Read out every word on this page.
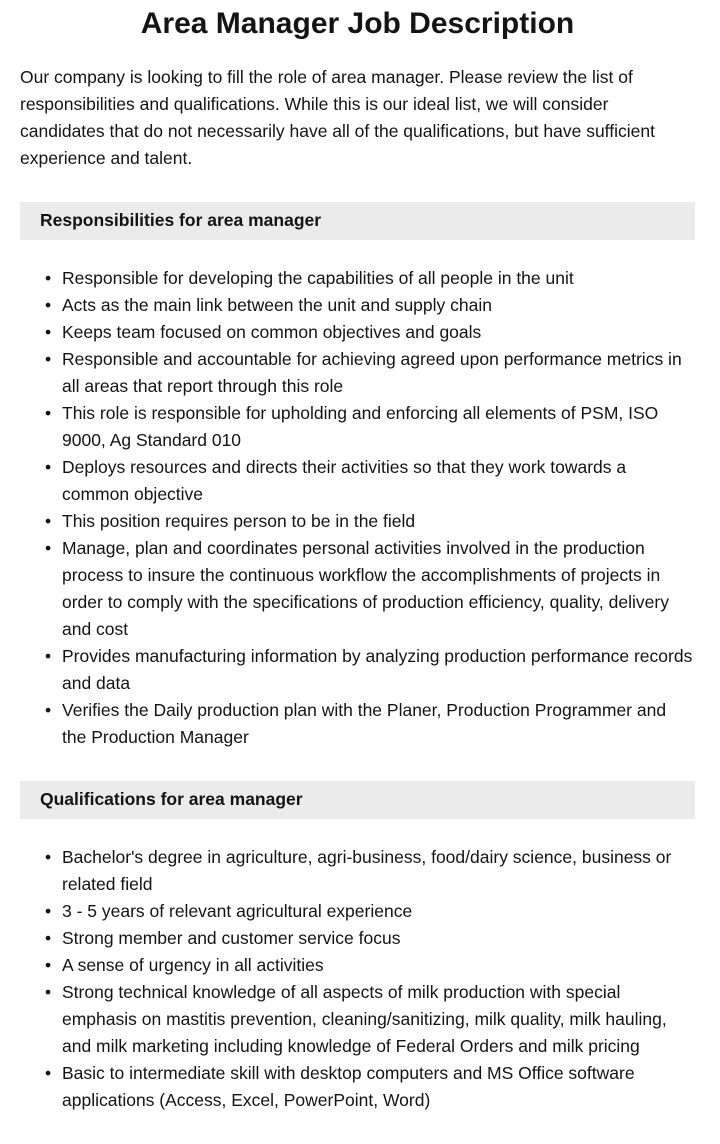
Area Manager Job Description

Our company is looking to fill the role of area manager. Please review the list of responsibilities and qualifications. While this is our ideal list, we will consider candidates that do not necessarily have all of the qualifications, but have sufficient experience and talent.

Responsibilities for area manager
• Responsible for developing the capabilities of all people in the unit
• Acts as the main link between the unit and supply chain
• Keeps team focused on common objectives and goals
• Responsible and accountable for achieving agreed upon performance metrics in all areas that report through this role
• This role is responsible for upholding and enforcing all elements of PSM, ISO 9000, Ag Standard 010
• Deploys resources and directs their activities so that they work towards a common objective
• This position requires person to be in the field
• Manage, plan and coordinates personal activities involved in the production process to insure the continuous workflow the accomplishments of projects in order to comply with the specifications of production efficiency, quality, delivery and cost
• Provides manufacturing information by analyzing production performance records and data
• Verifies the Daily production plan with the Planer, Production Programmer and the Production Manager
Qualifications for area manager
• Bachelor's degree in agriculture, agri-business, food/dairy science, business or related field
• 3 - 5 years of relevant agricultural experience
• Strong member and customer service focus
• A sense of urgency in all activities
• Strong technical knowledge of all aspects of milk production with special emphasis on mastitis prevention, cleaning/sanitizing, milk quality, milk hauling, and milk marketing including knowledge of Federal Orders and milk pricing
• Basic to intermediate skill with desktop computers and MS Office software applications (Access, Excel, PowerPoint, Word)
